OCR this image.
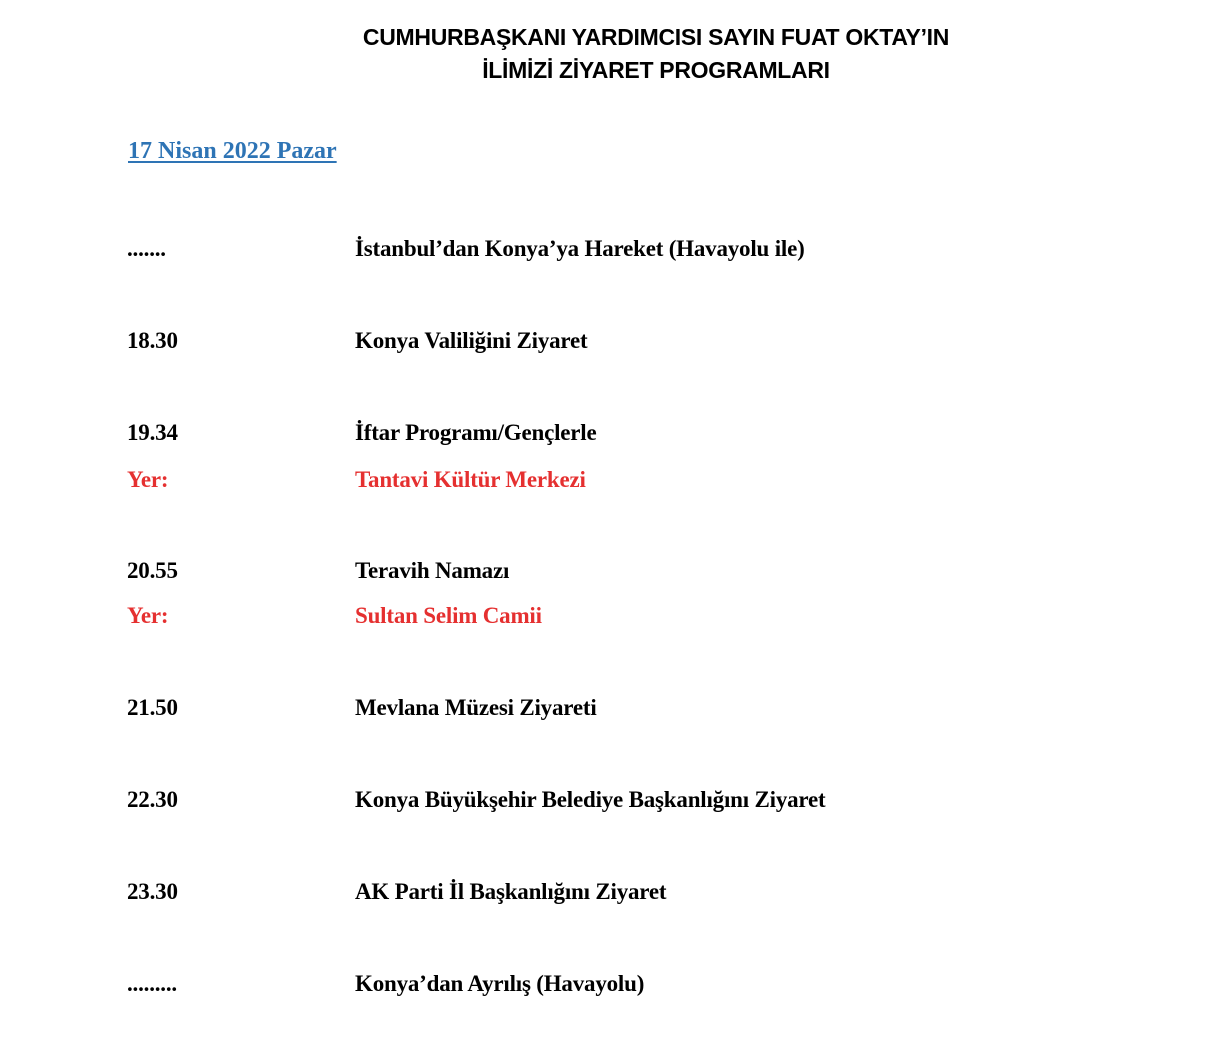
CUMHURBAŞKANI YARDIMCISI SAYIN FUAT OKTAY’IN
İLİMİZİ ZİYARET PROGRAMLARI
17 Nisan 2022 Pazar
.......	İstanbul’dan Konya’ya Hareket (Havayolu ile)
18.30	Konya Valiliğini Ziyaret
19.34	İftar Programı/Gençlerle
Yer:	Tantavi Kültür Merkezi
20.55	Teravih Namazı
Yer:	Sultan Selim Camii
21.50	Mevlana Müzesi Ziyareti
22.30	Konya Büyükşehir Belediye Başkanlığını Ziyaret
23.30	AK Parti İl Başkanlığını Ziyaret
.........	Konya’dan Ayrılış (Havayolu)
